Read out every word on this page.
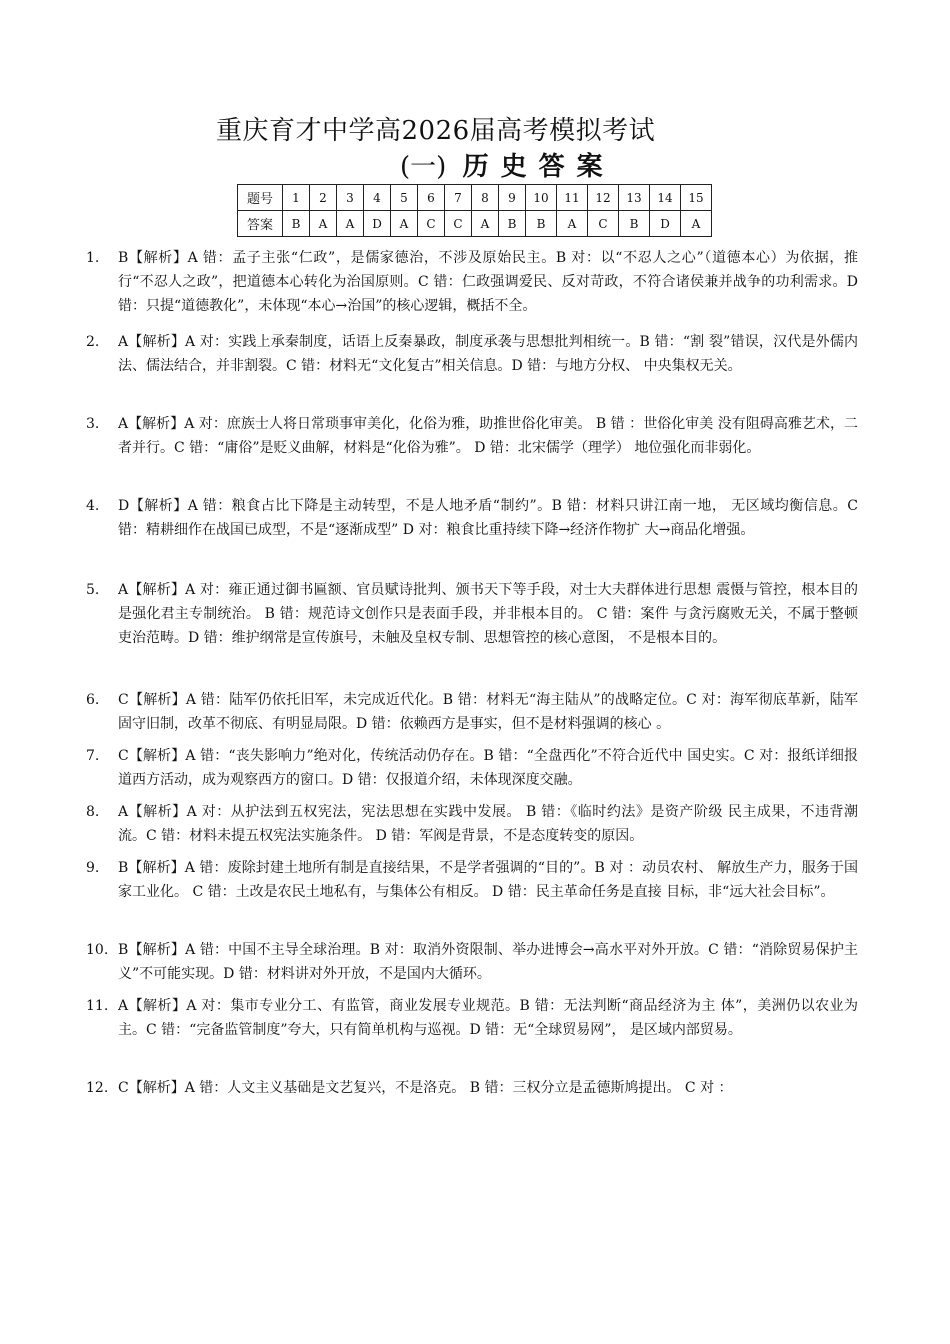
重庆育才中学高2026届高考模拟考试
(一) 历史答案
题号	1	2	3	4	5	6	7	8	9	10	11	12	13	14	15
答案	B	A	A	D	A	C	C	A	B	B	A	C	B	D	A
1.	B【解析】A 错：孟子主张“仁政”，是儒家德治，不涉及原始民主。B 对：以“不忍人之心”（道德本心）为依据，推行“不忍人之政”，把道德本心转化为治国原则。C 错：仁政强调爱民、反对苛政，不符合诸侯兼并战争的功利需求。D 错：只提“道德教化”，未体现“本心→治国”的核心逻辑，概括不全。
2.	A【解析】A 对：实践上承秦制度，话语上反秦暴政，制度承袭与思想批判相统一。B 错：“割 裂”错误，汉代是外儒内法、儒法结合，并非割裂。C 错：材料无“文化复古”相关信息。D 错：与地方分权、 中央集权无关。
3.	A【解析】A 对：庶族士人将日常琐事审美化，化俗为雅，助推世俗化审美。 B 错 ：世俗化审美 没有阻碍高雅艺术，二者并行。C 错：“庸俗”是贬义曲解，材料是“化俗为雅”。 D 错：北宋儒学（理学） 地位强化而非弱化。
4.	D【解析】A 错：粮食占比下降是主动转型，不是人地矛盾“制约”。B 错：材料只讲江南一地， 无区域均衡信息。C 错：精耕细作在战国已成型，不是“逐渐成型” D 对：粮食比重持续下降→经济作物扩 大→商品化增强。
5.	A【解析】A 对：雍正通过御书匾额、官员赋诗批判、颁书天下等手段，对士大夫群体进行思想 震慑与管控，根本目的是强化君主专制统治。 B 错：规范诗文创作只是表面手段，并非根本目的。 C 错：案件 与贪污腐败无关，不属于整顿吏治范畴。D 错：维护纲常是宣传旗号，未触及皇权专制、思想管控的核心意图， 不是根本目的。
6.	C【解析】A 错：陆军仍依托旧军，未完成近代化。B 错：材料无“海主陆从”的战略定位。C 对：海军彻底革新，陆军固守旧制，改革不彻底、有明显局限。D 错：依赖西方是事实，但不是材料强调的核心 。
7.	C【解析】A 错：“丧失影响力”绝对化，传统活动仍存在。B 错：“全盘西化”不符合近代中 国史实。C 对：报纸详细报道西方活动，成为观察西方的窗口。D 错：仅报道介绍，未体现深度交融。
8.	A【解析】A 对：从护法到五权宪法，宪法思想在实践中发展。 B 错：《临时约法》是资产阶级 民主成果，不违背潮流。C 错：材料未提五权宪法实施条件。 D 错：军阀是背景，不是态度转变的原因。
9.	B【解析】A 错：废除封建土地所有制是直接结果，不是学者强调的“目的”。B 对 ：动员农村、 解放生产力，服务于国家工业化。 C 错：土改是农民土地私有，与集体公有相反。 D 错：民主革命任务是直接 目标，非“远大社会目标”。
10. B【解析】A 错：中国不主导全球治理。B 对：取消外资限制、举办进博会→高水平对外开放。C 错：“消除贸易保护主义”不可能实现。D 错：材料讲对外开放，不是国内大循环。
11. A【解析】A 对：集市专业分工、有监管，商业发展专业规范。B 错：无法判断“商品经济为主 体”，美洲仍以农业为主。C 错：“完备监管制度”夸大，只有简单机构与巡视。D 错：无“全球贸易网”， 是区域内部贸易。
12. C【解析】A 错：人文主义基础是文艺复兴，不是洛克。 B 错：三权分立是孟德斯鸠提出。 C 对 ：
